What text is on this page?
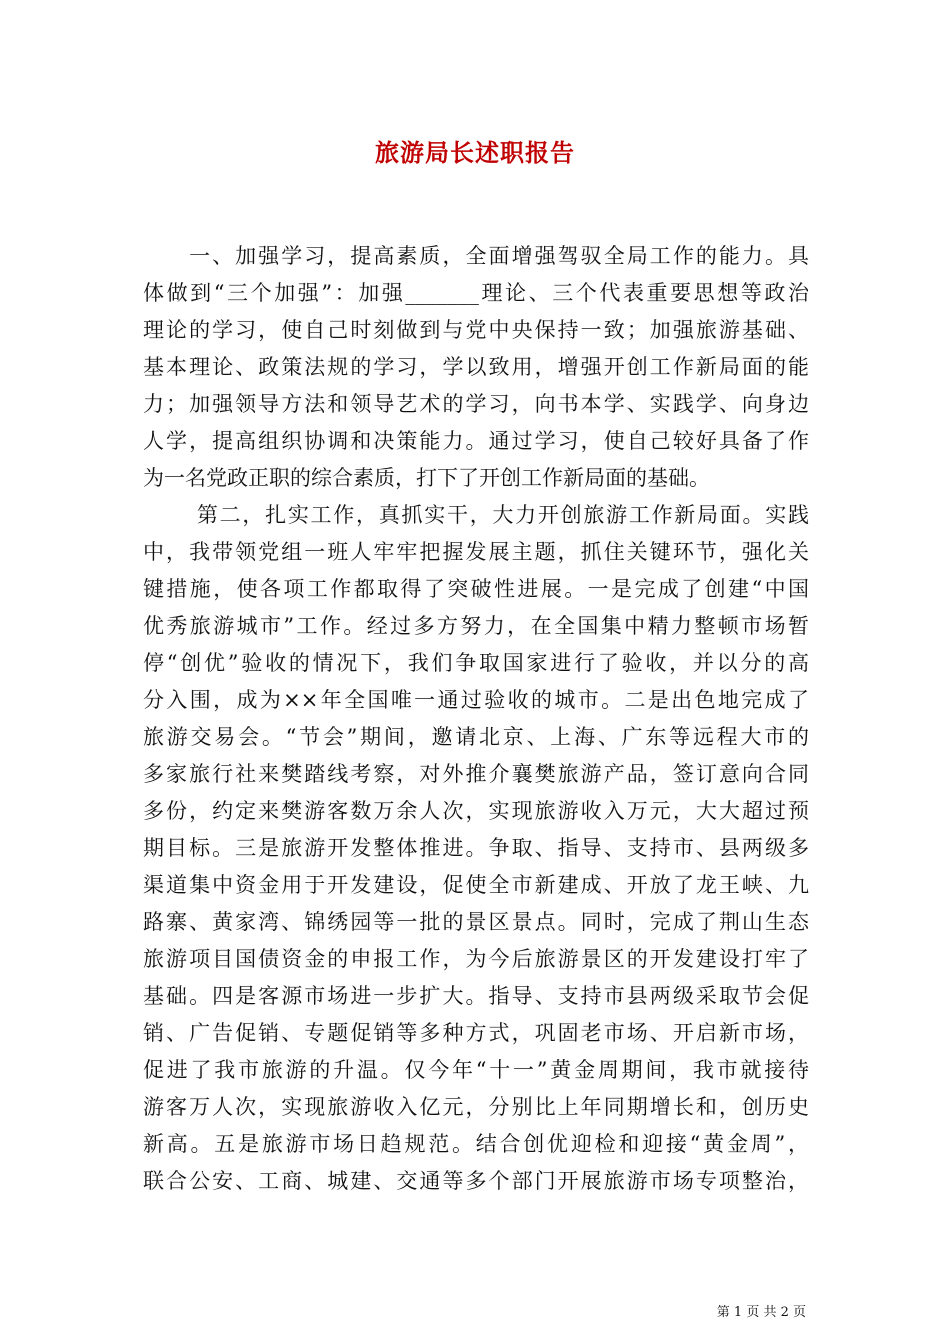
旅游局长述职报告
　　一、加强学习，提高素质，全面增强驾驭全局工作的能力。具
体做到“三个加强”：加强_______理论、三个代表重要思想等政治
理论的学习，使自己时刻做到与党中央保持一致；加强旅游基础、
基本理论、政策法规的学习，学以致用，增强开创工作新局面的能
力；加强领导方法和领导艺术的学习，向书本学、实践学、向身边
人学，提高组织协调和决策能力。通过学习，使自己较好具备了作
为一名党政正职的综合素质，打下了开创工作新局面的基础。
　　 第二，扎实工作，真抓实干，大力开创旅游工作新局面。实践
中，我带领党组一班人牢牢把握发展主题，抓住关键环节，强化关
键措施，使各项工作都取得了突破性进展。一是完成了创建“中国
优秀旅游城市”工作。经过多方努力，在全国集中精力整顿市场暂
停“创优”验收的情况下，我们争取国家进行了验收，并以分的高
分入围，成为××年全国唯一通过验收的城市。二是出色地完成了
旅游交易会。“节会”期间，邀请北京、上海、广东等远程大市的
多家旅行社来樊踏线考察，对外推介襄樊旅游产品，签订意向合同
多份，约定来樊游客数万余人次，实现旅游收入万元，大大超过预
期目标。三是旅游开发整体推进。争取、指导、支持市、县两级多
渠道集中资金用于开发建设，促使全市新建成、开放了龙王峡、九
路寨、黄家湾、锦绣园等一批的景区景点。同时，完成了荆山生态
旅游项目国债资金的申报工作，为今后旅游景区的开发建设打牢了
基础。四是客源市场进一步扩大。指导、支持市县两级采取节会促
销、广告促销、专题促销等多种方式，巩固老市场、开启新市场，
促进了我市旅游的升温。仅今年“十一”黄金周期间，我市就接待
游客万人次，实现旅游收入亿元，分别比上年同期增长和，创历史
新高。五是旅游市场日趋规范。结合创优迎检和迎接“黄金周”，
联合公安、工商、城建、交通等多个部门开展旅游市场专项整治，
第 1 页 共 2 页
